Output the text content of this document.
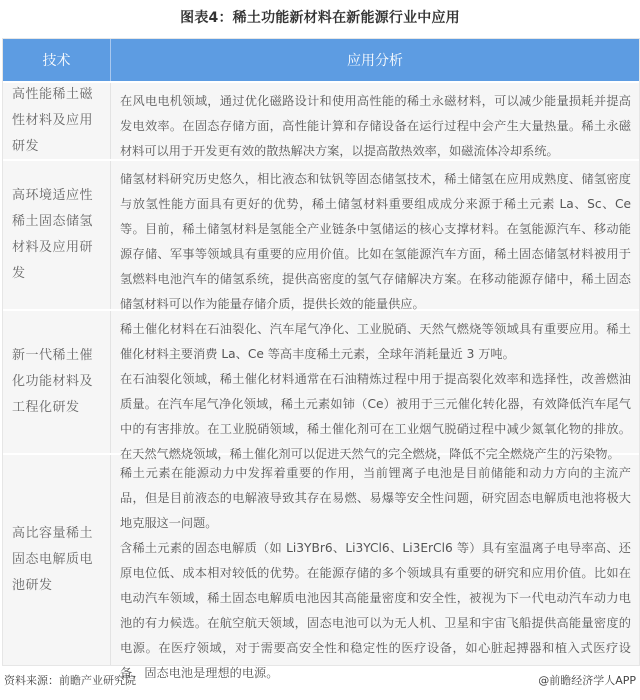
图表4：稀土功能新材料在新能源行业中应用
技术	应用分析
高性能稀土磁性材料及应用研发
在风电电机领域，通过优化磁路设计和使用高性能的稀土永磁材料，可以减少能量损耗并提高发电效率。在固态存储方面，高性能计算和存储设备在运行过程中会产生大量热量。稀土永磁材料可以用于开发更有效的散热解决方案，以提高散热效率，如磁流体冷却系统。
高环境适应性稀土固态储氢材料及应用研发
储氢材料研究历史悠久，相比液态和钛钒等固态储氢技术，稀土储氢在应用成熟度、储氢密度与放氢性能方面具有更好的优势，稀土储氢材料重要组成成分来源于稀土元素 La、Sc、Ce 等。目前，稀土储氢材料是氢能全产业链条中氢储运的核心支撑材料。在氢能源汽车、移动能源存储、军事等领域具有重要的应用价值。比如在氢能源汽车方面，稀土固态储氢材料被用于氢燃料电池汽车的储氢系统，提供高密度的氢气存储解决方案。在移动能源存储中，稀土固态储氢材料可以作为能量存储介质，提供长效的能量供应。
新一代稀土催化功能材料及工程化研发
稀土催化材料在石油裂化、汽车尾气净化、工业脱硝、天然气燃烧等领域具有重要应用。稀土催化材料主要消费 La、Ce 等高丰度稀土元素，全球年消耗量近 3 万吨。
在石油裂化领域，稀土催化材料通常在石油精炼过程中用于提高裂化效率和选择性，改善燃油质量。在汽车尾气净化领域，稀土元素如铈（Ce）被用于三元催化转化器，有效降低汽车尾气中的有害排放。在工业脱硝领域，稀土催化剂可在工业烟气脱硝过程中减少氮氧化物的排放。在天然气燃烧领域，稀土催化剂可以促进天然气的完全燃烧，降低不完全燃烧产生的污染物。
高比容量稀土固态电解质电池研发
稀土元素在能源动力中发挥着重要的作用，当前锂离子电池是目前储能和动力方向的主流产品，但是目前液态的电解液导致其存在易燃、易爆等安全性问题，研究固态电解质电池将极大地克服这一问题。
含稀土元素的固态电解质（如 Li3YBr6、Li3YCl6、Li3ErCl6 等）具有室温离子电导率高、还原电位低、成本相对较低的优势。在能源存储的多个领域具有重要的研究和应用价值。比如在电动汽车领域，稀土固态电解质电池因其高能量密度和安全性，被视为下一代电动汽车动力电池的有力候选。在航空航天领域，固态电池可以为无人机、卫星和宇宙飞船提供高能量密度的电源。在医疗领域，对于需要高安全性和稳定性的医疗设备，如心脏起搏器和植入式医疗设备，固态电池是理想的电源。
资料来源：前瞻产业研究院	@前瞻经济学人APP
